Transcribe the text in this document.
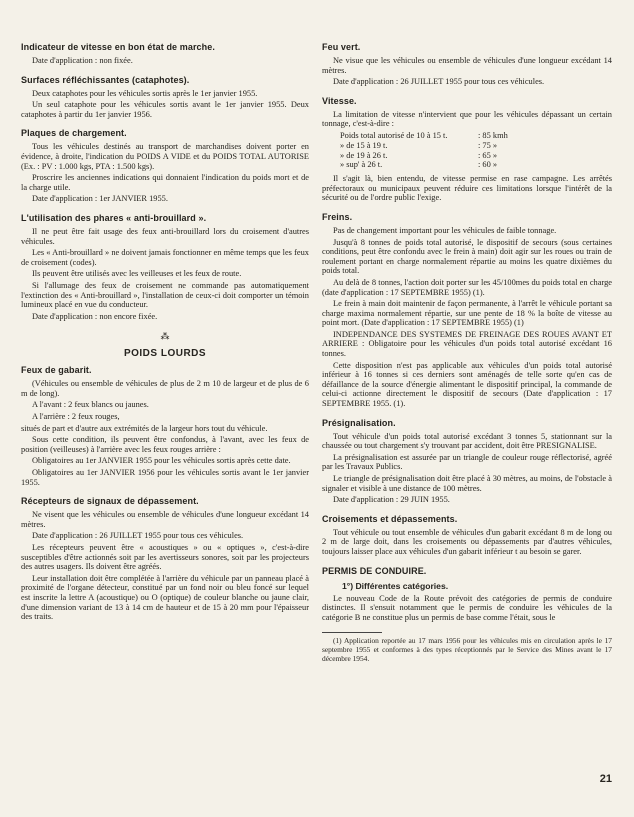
Indicateur de vitesse en bon état de marche.
Date d'application : non fixée.
Surfaces réfléchissantes (cataphotes).
Deux cataphotes pour les véhicules sortis après le 1er janvier 1955.
Un seul cataphote pour les véhicules sortis avant le 1er janvier 1955. Deux cataphotes à partir du 1er janvier 1956.
Plaques de chargement.
Tous les véhicules destinés au transport de marchandises doivent porter en évidence, à droite, l'indication du POIDS A VIDE et du POIDS TOTAL AUTORISE (Ex. : PV : 1.000 kgs, PTA : 1.500 kgs).
Proscrire les anciennes indications qui donnaient l'indication du poids mort et de la charge utile.
Date d'application : 1er JANVIER 1955.
L'utilisation des phares « anti-brouillard ».
Il ne peut être fait usage des feux anti-brouillard lors du croisement d'autres véhicules.
Les « Anti-brouillard » ne doivent jamais fonctionner en même temps que les feux de croisement (codes).
Ils peuvent être utilisés avec les veilleuses et les feux de route.
Si l'allumage des feux de croisement ne commande pas automatiquement l'extinction des « Anti-brouillard », l'installation de ceux-ci doit comporter un témoin lumineux placé en vue du conducteur.
Date d'application : non encore fixée.
⁂
POIDS LOURDS
Feux de gabarit.
(Véhicules ou ensemble de véhicules de plus de 2 m 10 de largeur et de plus de 6 m de long).
A l'avant : 2 feux blancs ou jaunes.
A l'arrière : 2 feux rouges,
situés de part et d'autre aux extrémités de la largeur hors tout du véhicule.
Sous cette condition, ils peuvent être confondus, à l'avant, avec les feux de position (veilleuses) à l'arrière avec les feux rouges arrière :
Obligatoires au 1er JANVIER 1955 pour les véhicules sortis après cette date.
Obligatoires au 1er JANVIER 1956 pour les véhicules sortis avant le 1er janvier 1955.
Récepteurs de signaux de dépassement.
Ne visent que les véhicules ou ensemble de véhicules d'une longueur excédant 14 mètres.
Date d'application : 26 JUILLET 1955 pour tous ces véhicules.
Les récepteurs peuvent être « acoustiques » ou « optiques », c'est-à-dire susceptibles d'être actionnés soit par les avertisseurs sonores, soit par les projecteurs des autres usagers. Ils doivent être agréés.
Leur installation doit être complétée à l'arrière du véhicule par un panneau placé à proximité de l'organe détecteur, constitué par un fond noir ou bleu foncé sur lequel est inscrite la lettre A (acoustique) ou O (optique) de couleur blanche ou jaune clair, d'une dimension variant de 13 à 14 cm de hauteur et de 15 à 20 mm pour l'épaisseur des traits.
Feu vert.
Ne visue que les véhicules ou ensemble de véhicules d'une longueur excédant 14 mètres.
Date d'application : 26 JUILLET 1955 pour tous ces véhicules.
Vitesse.
La limitation de vitesse n'intervient que pour les véhicules dépassant un certain tonnage, c'est-à-dire :
Poids total autorisé de 10 à 15 t.	: 85 kmh
» de 15 à 19 t.	: 75 »
» de 19 à 26 t.	: 65 »
» sup' à 26 t.	: 60 »
Il s'agit là, bien entendu, de vitesse permise en rase campagne. Les arrêtés préfectoraux ou municipaux peuvent réduire ces limitations lorsque l'intérêt de la sécurité ou de l'ordre public l'exige.
Freins.
Pas de changement important pour les véhicules de faible tonnage.
Jusqu'à 8 tonnes de poids total autorisé, le dispositif de secours (sous certaines conditions, peut être confondu avec le frein à main) doit agir sur les roues ou train de roulement portant en charge normalement répartie au moins les quatre dixièmes du poids total.
Au delà de 8 tonnes, l'action doit porter sur les 45/100mes du poids total en charge (date d'application : 17 SEPTEMBRE 1955) (1).
Le frein à main doit maintenir de façon permanente, à l'arrêt le véhicule portant sa charge maxima normalement répartie, sur une pente de 18 % la boîte de vitesse au point mort. (Date d'application : 17 SEPTEMBRE 1955) (1)
INDEPENDANCE DES SYSTEMES DE FREINAGE DES ROUES AVANT ET ARRIERE : Obligatoire pour les véhicules d'un poids total autorisé excédant 16 tonnes.
Cette disposition n'est pas applicable aux véhicules d'un poids total autorisé inférieur à 16 tonnes si ces derniers sont aménagés de telle sorte qu'en cas de défaillance de la source d'énergie alimentant le dispositif principal, la commande de celui-ci actionne directement le dispositif de secours (Date d'application : 17 SEPTEMBRE 1955. (1).
Présignalisation.
Tout véhicule d'un poids total autorisé excédant 3 tonnes 5, stationnant sur la chaussée ou tout chargement s'y trouvant par accident, doit être PRESIGNALISE.
La présignalisation est assurée par un triangle de couleur rouge réflectorisé, agréé par les Travaux Publics.
Le triangle de présignalisation doit être placé à 30 mètres, au moins, de l'obstacle à signaler et visible à une distance de 100 mètres.
Date d'application : 29 JUIN 1955.
Croisements et dépassements.
Tout véhicule ou tout ensemble de véhicules d'un gabarit excédant 8 m de long ou 2 m de large doit, dans les croisements ou dépassements par d'autres véhicules, toujours laisser place aux véhicules d'un gabarit inférieur t au besoin se garer.
PERMIS DE CONDUIRE.
1°) Différentes catégories.
Le nouveau Code de la Route prévoit des catégories de permis de conduire distinctes. Il s'ensuit notamment que le permis de conduire les véhicules de la catégorie B ne constitue plus un permis de base comme l'était, sous le
(1) Application reportée au 17 mars 1956 pour les véhicules mis en circulation après le 17 septembre 1955 et conformes à des types réceptionnés par le Service des Mines avant le 17 décembre 1954.
21
